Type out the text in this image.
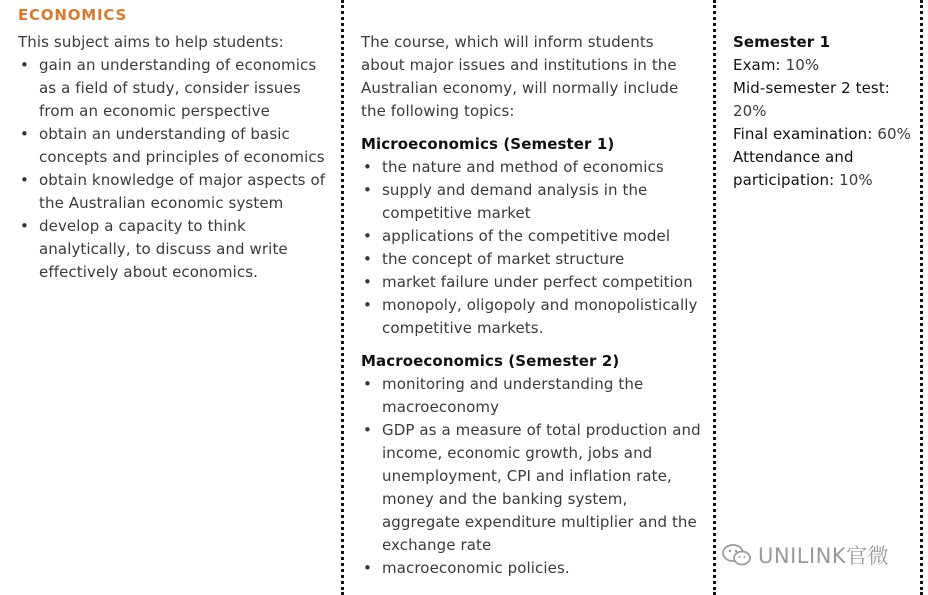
ECONOMICS
This subject aims to help students:
• gain an understanding of economics as a field of study, consider issues from an economic perspective
• obtain an understanding of basic concepts and principles of economics
• obtain knowledge of major aspects of the Australian economic system
• develop a capacity to think analytically, to discuss and write effectively about economics.
The course, which will inform students about major issues and institutions in the Australian economy, will normally include the following topics:
Microeconomics (Semester 1)
• the nature and method of economics
• supply and demand analysis in the competitive market
• applications of the competitive model
• the concept of market structure
• market failure under perfect competition
• monopoly, oligopoly and monopolistically competitive markets.
Macroeconomics (Semester 2)
• monitoring and understanding the macroeconomy
• GDP as a measure of total production and income, economic growth, jobs and unemployment, CPI and inflation rate, money and the banking system, aggregate expenditure multiplier and the exchange rate
• macroeconomic policies.
Semester 1
Exam: 10%
Mid-semester 2 test: 20%
Final examination: 60%
Attendance and participation: 10%
UNILINK官微
